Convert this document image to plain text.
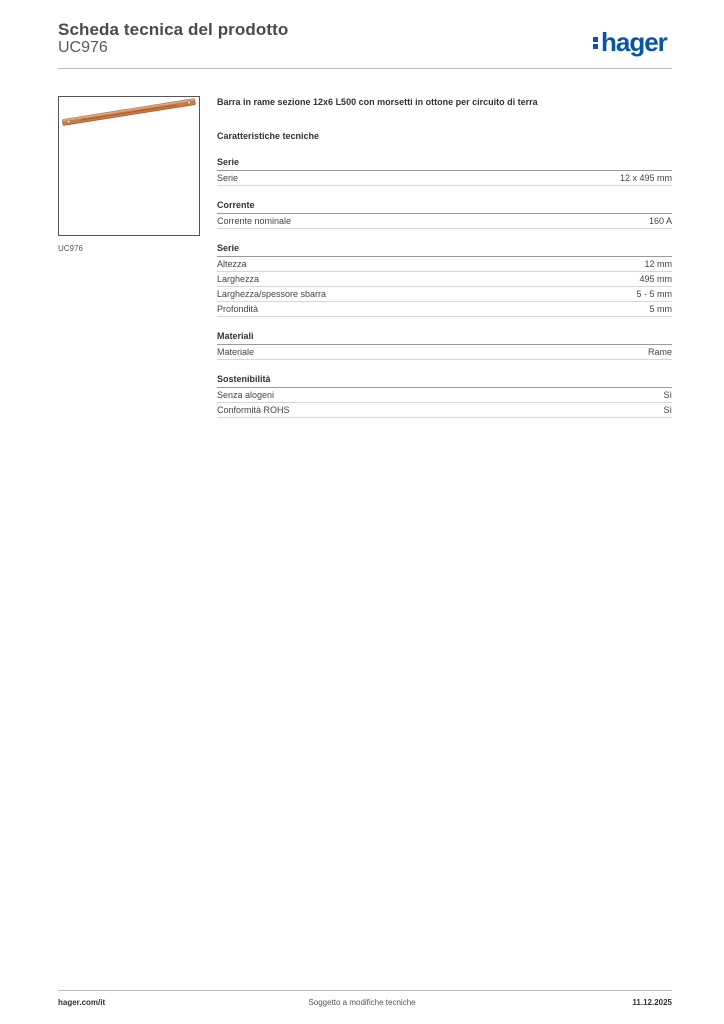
Scheda tecnica del prodotto
UC976	hager
UC976
Barra in rame sezione 12x6 L500 con morsetti in ottone per circuito di terra
Caratteristiche tecniche
Serie
Serie	12 x 495 mm
Corrente
Corrente nominale	160 A
Serie
Altezza	12 mm
Larghezza	495 mm
Larghezza/spessore sbarra	5 - 5 mm
Profondità	5 mm
Materiali
Materiale	Rame
Sostenibilità
Senza alogeni	Sì
Conformità ROHS	Sì
hager.com/it	Soggetto a modifiche tecniche	11.12.2025
